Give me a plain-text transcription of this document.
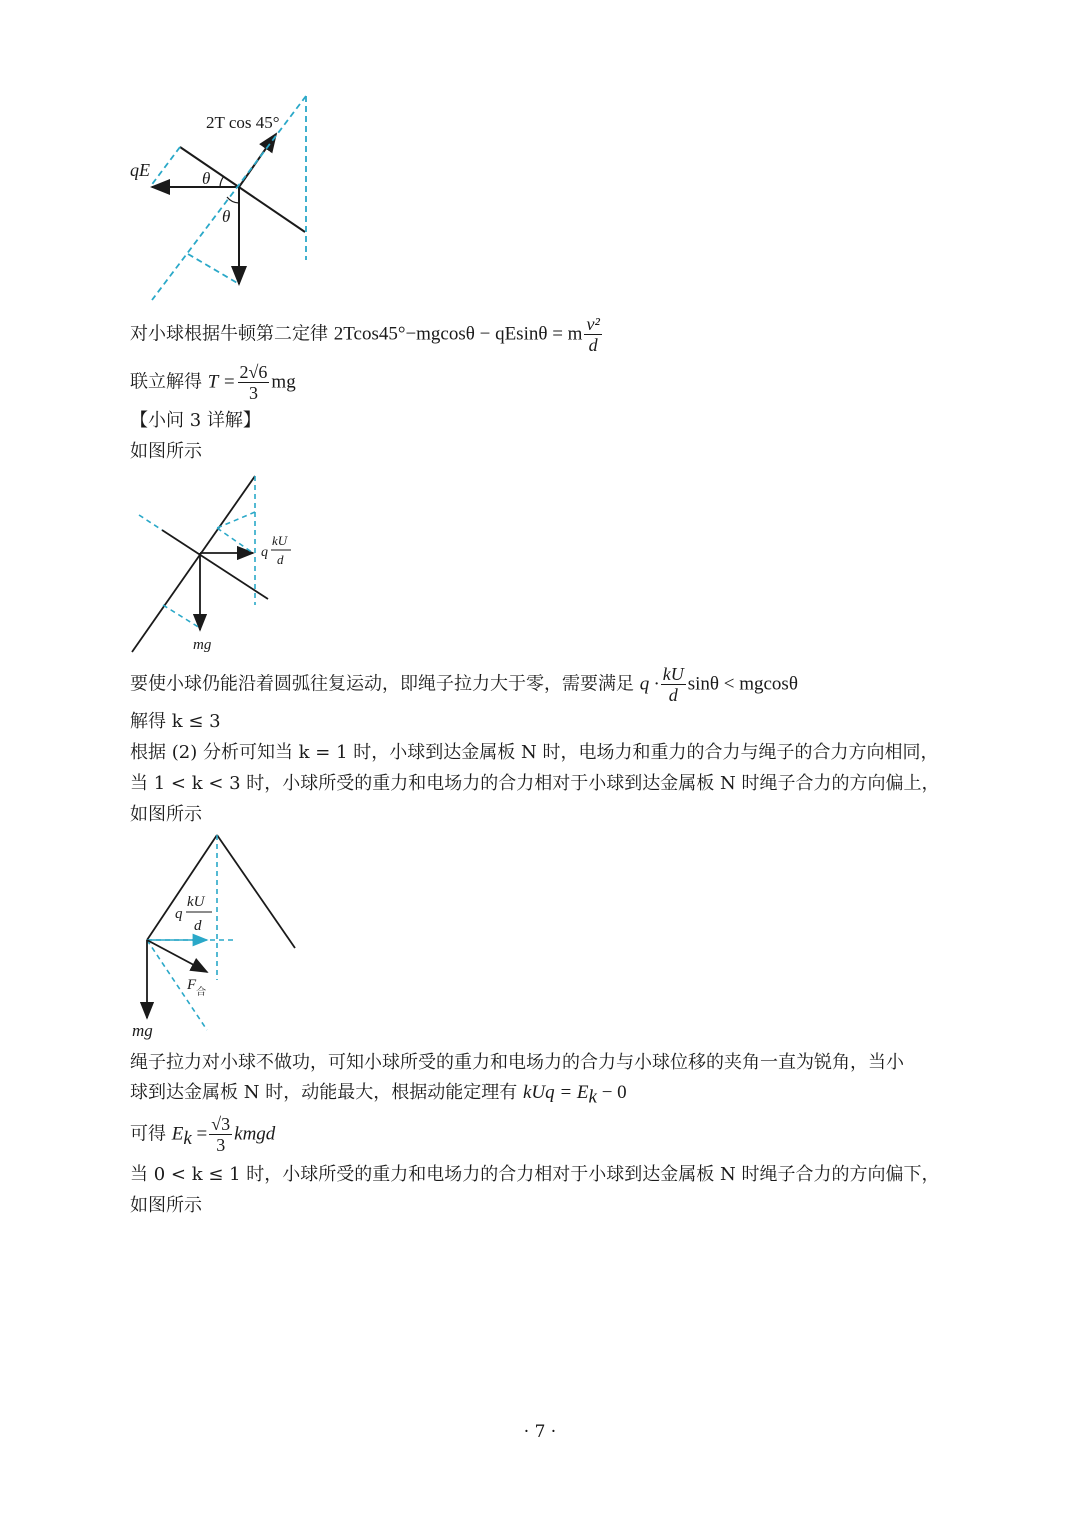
2T cos 45°
qE	θ
θ
对小球根据牛顿第二定律 2Tcos45°−mgcosθ − qEsinθ = m $\frac{\text{v²}}{d}$
联立解得 $T = \frac{2√6}{3}$ mg
【小问 3 详解】
如图所示
q
kU
d
mg
要使小球仍能沿着圆弧往复运动，即绳子拉力大于零，需要满足 $q \cdot \frac{kU}{d}$ sinθ < mgcosθ
解得 k ≤ 3
根据 (2) 分析可知当 k = 1 时，小球到达金属板 N 时，电场力和重力的合力与绳子的合力方向相同，
当 1 < k < 3 时，小球所受的重力和电场力的合力相对于小球到达金属板 N 时绳子合力的方向偏上，
如图所示
q
kU
d
$F_合$
mg
绳子拉力对小球不做功，可知小球所受的重力和电场力的合力与小球位移的夹角一直为锐角，当小
球到达金属板 N 时，动能最大，根据动能定理有 kUq = $E_k - 0$
可得 $E_k = \frac{√3}{3}$ kmgd
当 0 < k ≤ 1 时，小球所受的重力和电场力的合力相对于小球到达金属板 N 时绳子合力的方向偏下，
如图所示
· 7 ·
